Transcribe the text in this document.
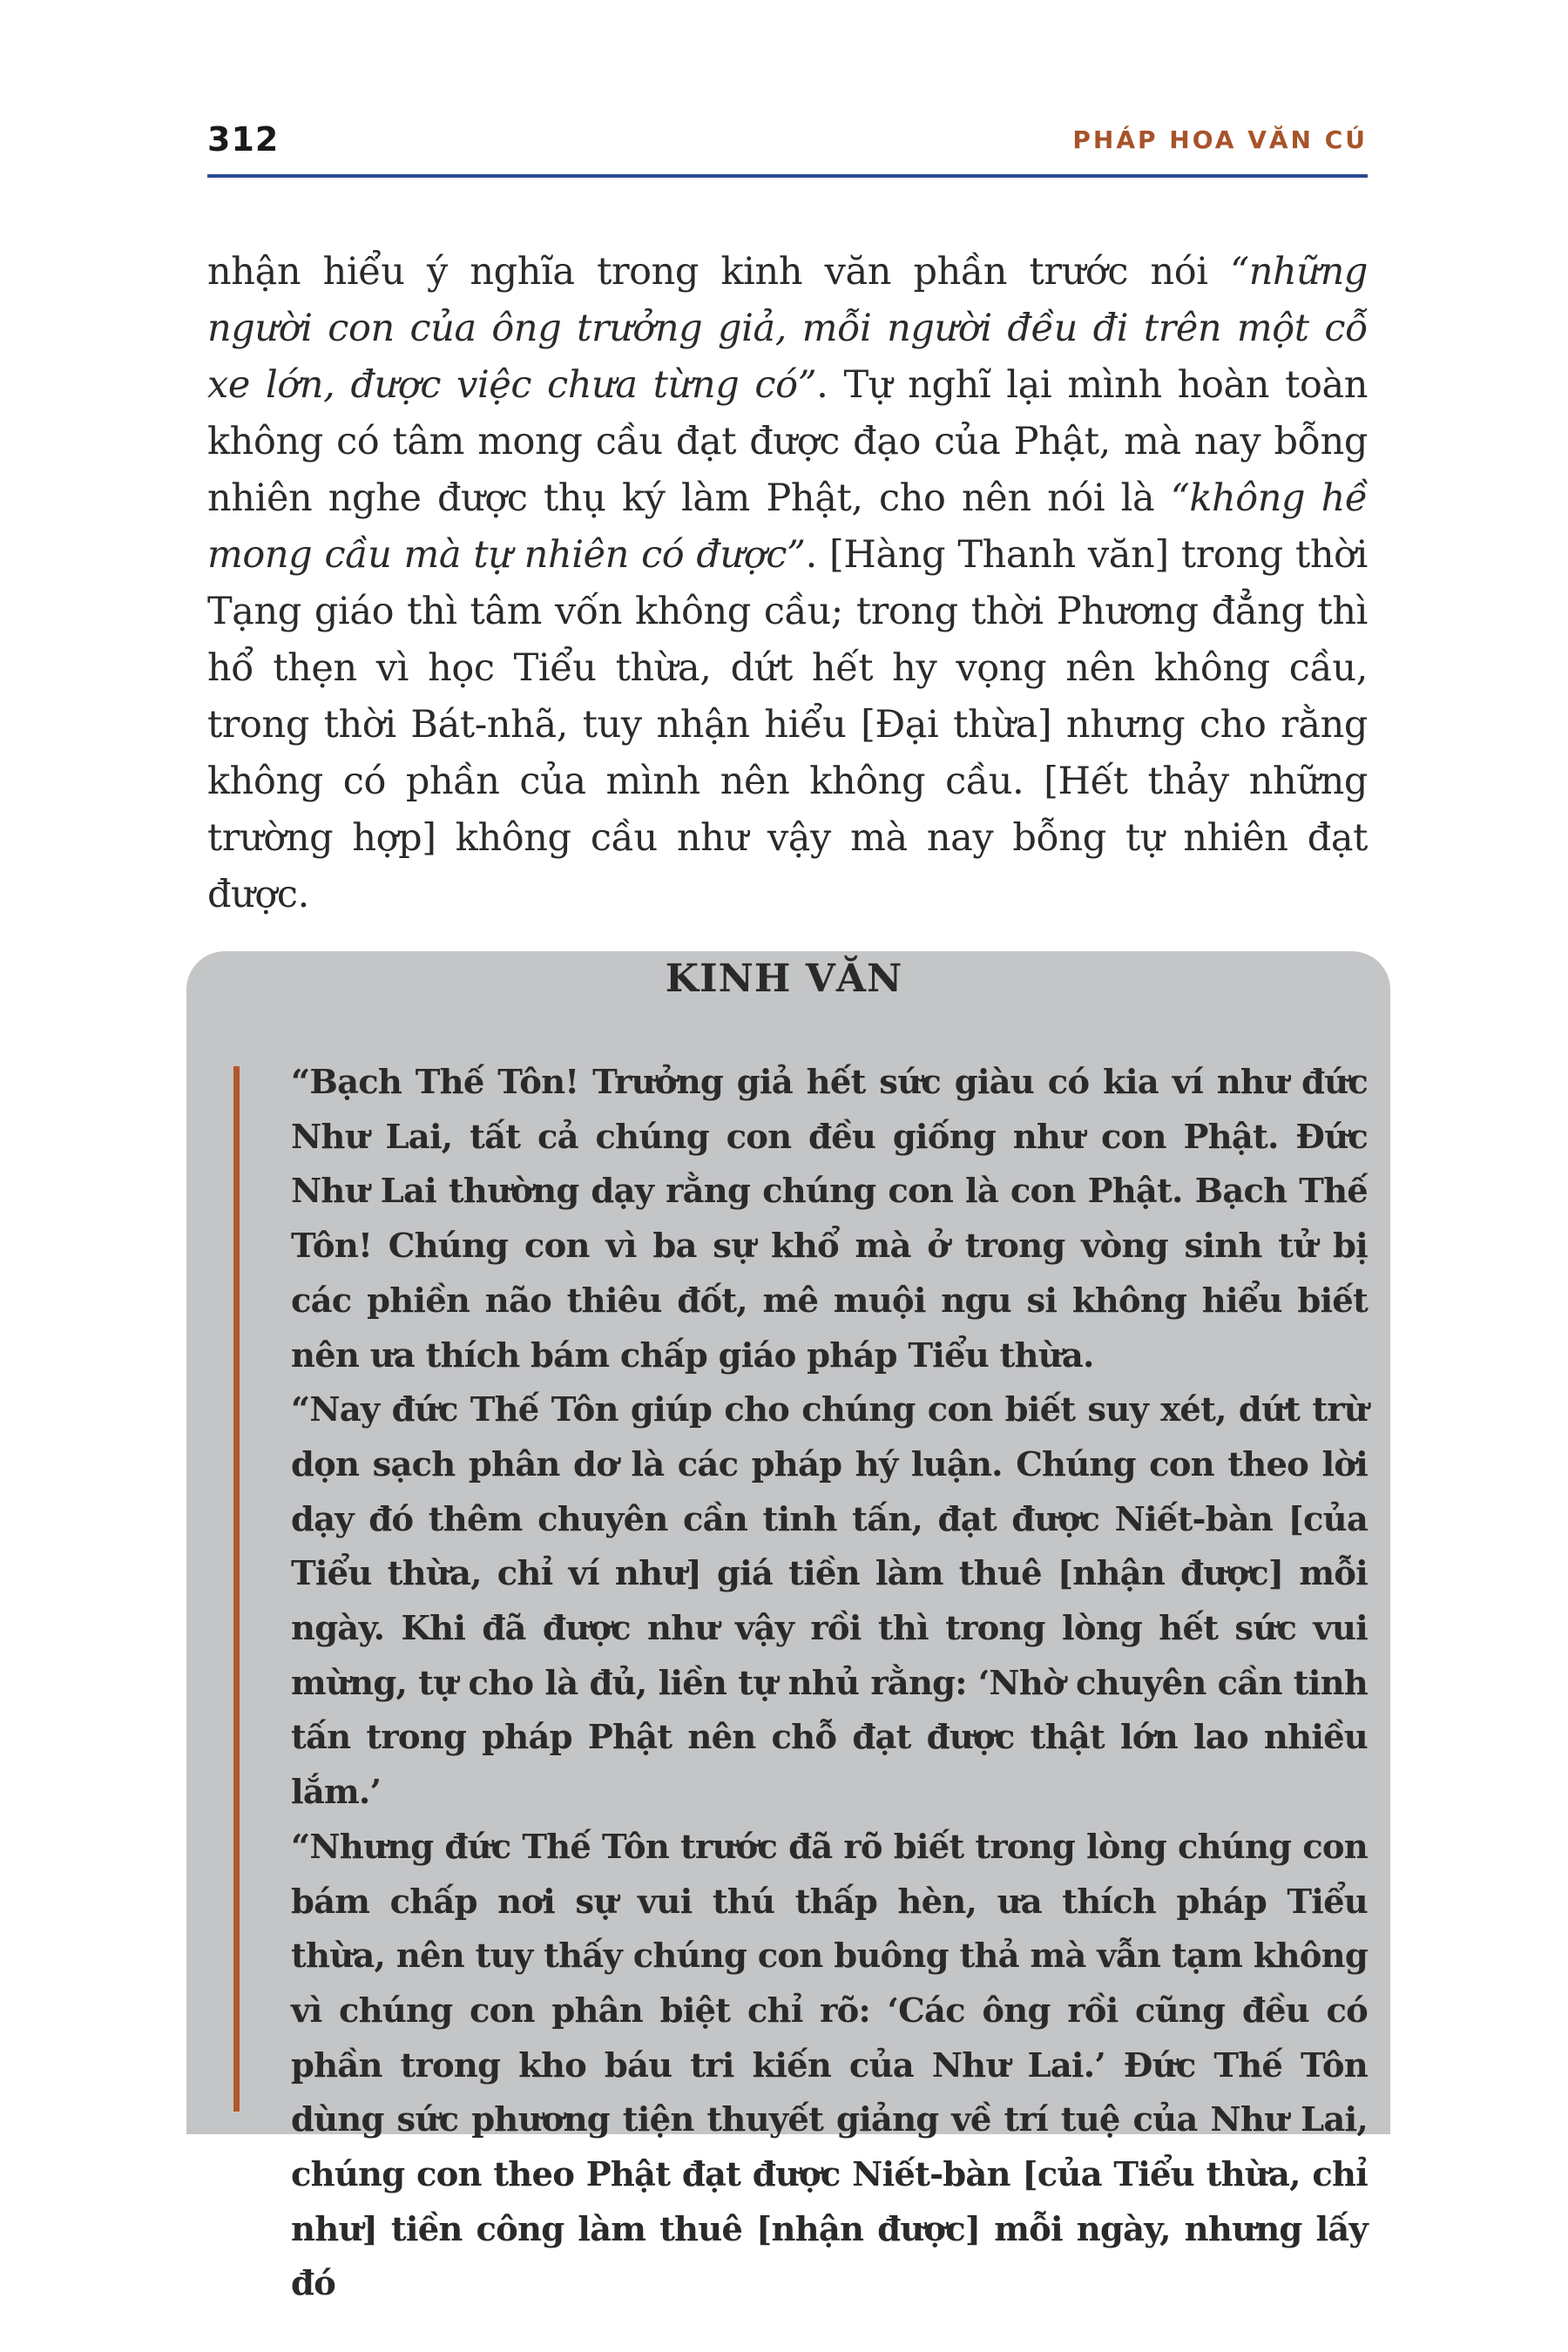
312	PHÁP HOA VĂN CÚ

nhận hiểu ý nghĩa trong kinh văn phần trước nói “những người con của ông trưởng giả, mỗi người đều đi trên một cỗ xe lớn, được việc chưa từng có”. Tự nghĩ lại mình hoàn toàn không có tâm mong cầu đạt được đạo của Phật, mà nay bỗng nhiên nghe được thụ ký làm Phật, cho nên nói là “không hề mong cầu mà tự nhiên có được”. [Hàng Thanh văn] trong thời Tạng giáo thì tâm vốn không cầu; trong thời Phương đẳng thì hổ thẹn vì học Tiểu thừa, dứt hết hy vọng nên không cầu, trong thời Bát-nhã, tuy nhận hiểu [Đại thừa] nhưng cho rằng không có phần của mình nên không cầu. [Hết thảy những trường hợp] không cầu như vậy mà nay bỗng tự nhiên đạt được.

KINH VĂN

“Bạch Thế Tôn! Trưởng giả hết sức giàu có kia ví như đức Như Lai, tất cả chúng con đều giống như con Phật. Đức Như Lai thường dạy rằng chúng con là con Phật. Bạch Thế Tôn! Chúng con vì ba sự khổ mà ở trong vòng sinh tử bị các phiền não thiêu đốt, mê muội ngu si không hiểu biết nên ưa thích bám chấp giáo pháp Tiểu thừa.

“Nay đức Thế Tôn giúp cho chúng con biết suy xét, dứt trừ dọn sạch phân dơ là các pháp hý luận. Chúng con theo lời dạy đó thêm chuyên cần tinh tấn, đạt được Niết-bàn [của Tiểu thừa, chỉ ví như] giá tiền làm thuê [nhận được] mỗi ngày. Khi đã được như vậy rồi thì trong lòng hết sức vui mừng, tự cho là đủ, liền tự nhủ rằng: ‘Nhờ chuyên cần tinh tấn trong pháp Phật nên chỗ đạt được thật lớn lao nhiều lắm.’

“Nhưng đức Thế Tôn trước đã rõ biết trong lòng chúng con bám chấp nơi sự vui thú thấp hèn, ưa thích pháp Tiểu thừa, nên tuy thấy chúng con buông thả mà vẫn tạm không vì chúng con phân biệt chỉ rõ: ‘Các ông rồi cũng đều có phần trong kho báu tri kiến của Như Lai.’ Đức Thế Tôn dùng sức phương tiện thuyết giảng về trí tuệ của Như Lai, chúng con theo Phật đạt được Niết-bàn [của Tiểu thừa, chỉ như] tiền công làm thuê [nhận được] mỗi ngày, nhưng lấy đó
